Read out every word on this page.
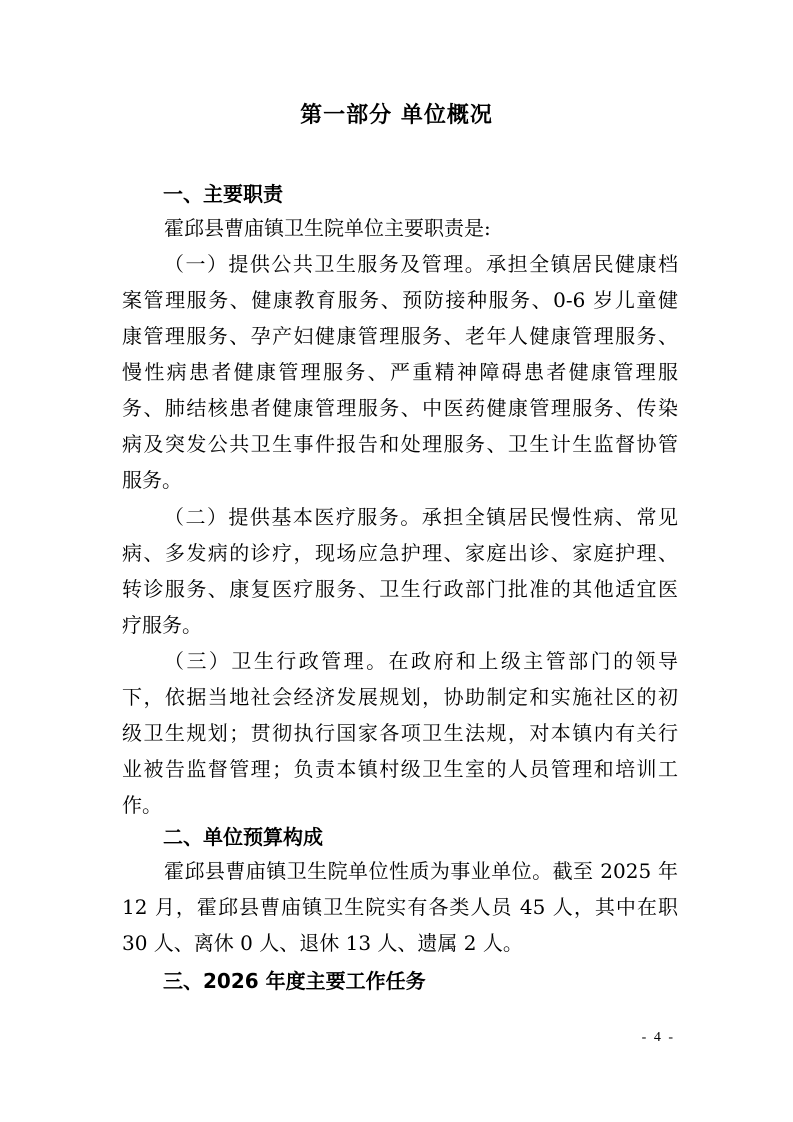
第一部分 单位概况
一、主要职责
霍邱县曹庙镇卫生院单位主要职责是:
（一）提供公共卫生服务及管理。承担全镇居民健康档
案管理服务、健康教育服务、预防接种服务、0-6 岁儿童健
康管理服务、孕产妇健康管理服务、老年人健康管理服务、
慢性病患者健康管理服务、严重精神障碍患者健康管理服
务、肺结核患者健康管理服务、中医药健康管理服务、传染
病及突发公共卫生事件报告和处理服务、卫生计生监督协管
服务。
（二）提供基本医疗服务。承担全镇居民慢性病、常见
病、多发病的诊疗，现场应急护理、家庭出诊、家庭护理、
转诊服务、康复医疗服务、卫生行政部门批准的其他适宜医
疗服务。
（三）卫生行政管理。在政府和上级主管部门的领导
下，依据当地社会经济发展规划，协助制定和实施社区的初
级卫生规划；贯彻执行国家各项卫生法规，对本镇内有关行
业被告监督管理；负责本镇村级卫生室的人员管理和培训工
作。
二、单位预算构成
霍邱县曹庙镇卫生院单位性质为事业单位。截至 2025 年
12 月，霍邱县曹庙镇卫生院实有各类人员 45 人，其中在职
30 人、离休 0 人、退休 13 人、遗属 2 人。
三、2026 年度主要工作任务
- 4 -
